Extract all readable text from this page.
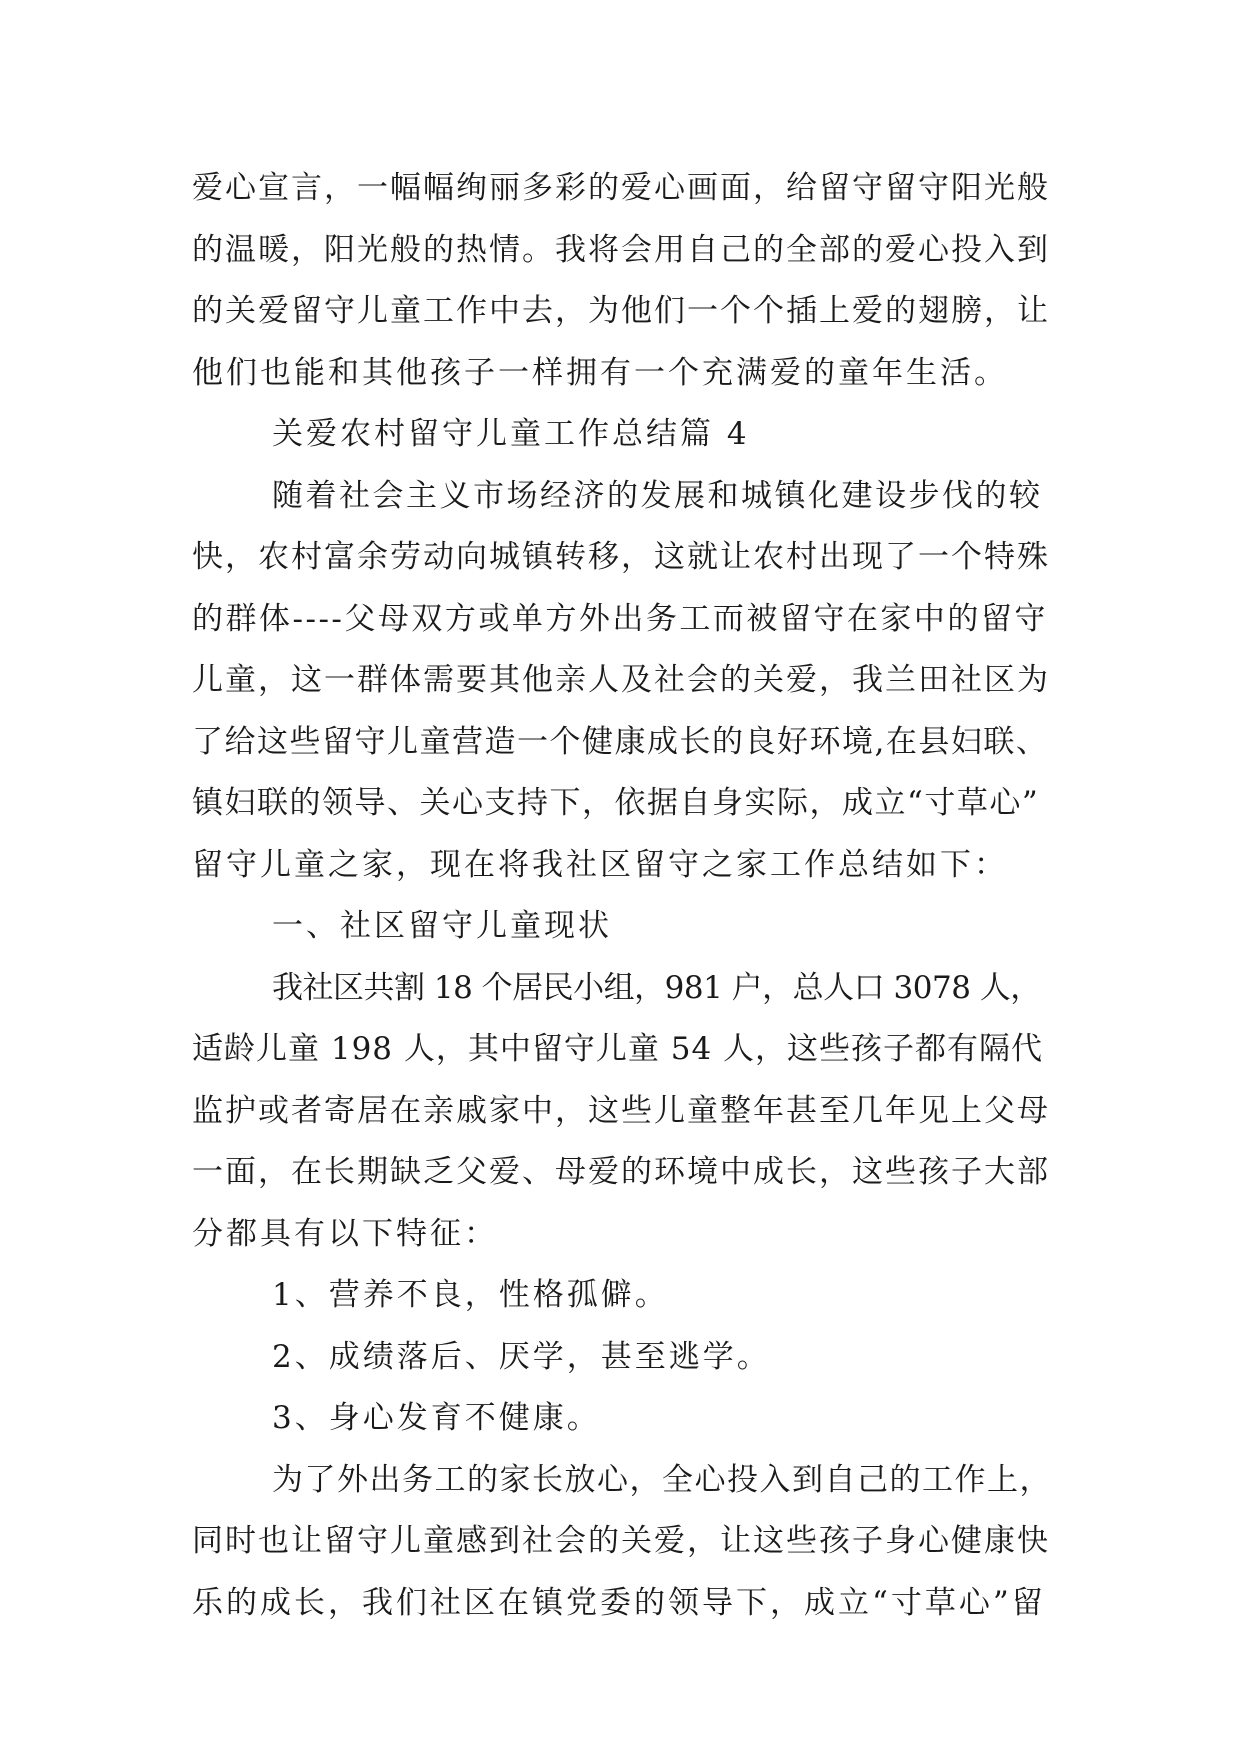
爱心宣言，一幅幅绚丽多彩的爱心画面，给留守留守阳光般
的温暖，阳光般的热情。我将会用自己的全部的爱心投入到
的关爱留守儿童工作中去，为他们一个个插上爱的翅膀，让
他们也能和其他孩子一样拥有一个充满爱的童年生活。
关爱农村留守儿童工作总结篇 4
随着社会主义市场经济的发展和城镇化建设步伐的较
快，农村富余劳动向城镇转移，这就让农村出现了一个特殊
的群体----父母双方或单方外出务工而被留守在家中的留守
儿童，这一群体需要其他亲人及社会的关爱，我兰田社区为
了给这些留守儿童营造一个健康成长的良好环境,在县妇联、
镇妇联的领导、关心支持下，依据自身实际，成立“寸草心”
留守儿童之家，现在将我社区留守之家工作总结如下：
一、社区留守儿童现状
我社区共割 18 个居民小组，981 户，总人口 3078 人，
适龄儿童 198 人，其中留守儿童 54 人，这些孩子都有隔代
监护或者寄居在亲戚家中，这些儿童整年甚至几年见上父母
一面，在长期缺乏父爱、母爱的环境中成长，这些孩子大部
分都具有以下特征：
1、营养不良，性格孤僻。
2、成绩落后、厌学，甚至逃学。
3、身心发育不健康。
为了外出务工的家长放心，全心投入到自己的工作上，
同时也让留守儿童感到社会的关爱，让这些孩子身心健康快
乐的成长，我们社区在镇党委的领导下，成立“寸草心”留
